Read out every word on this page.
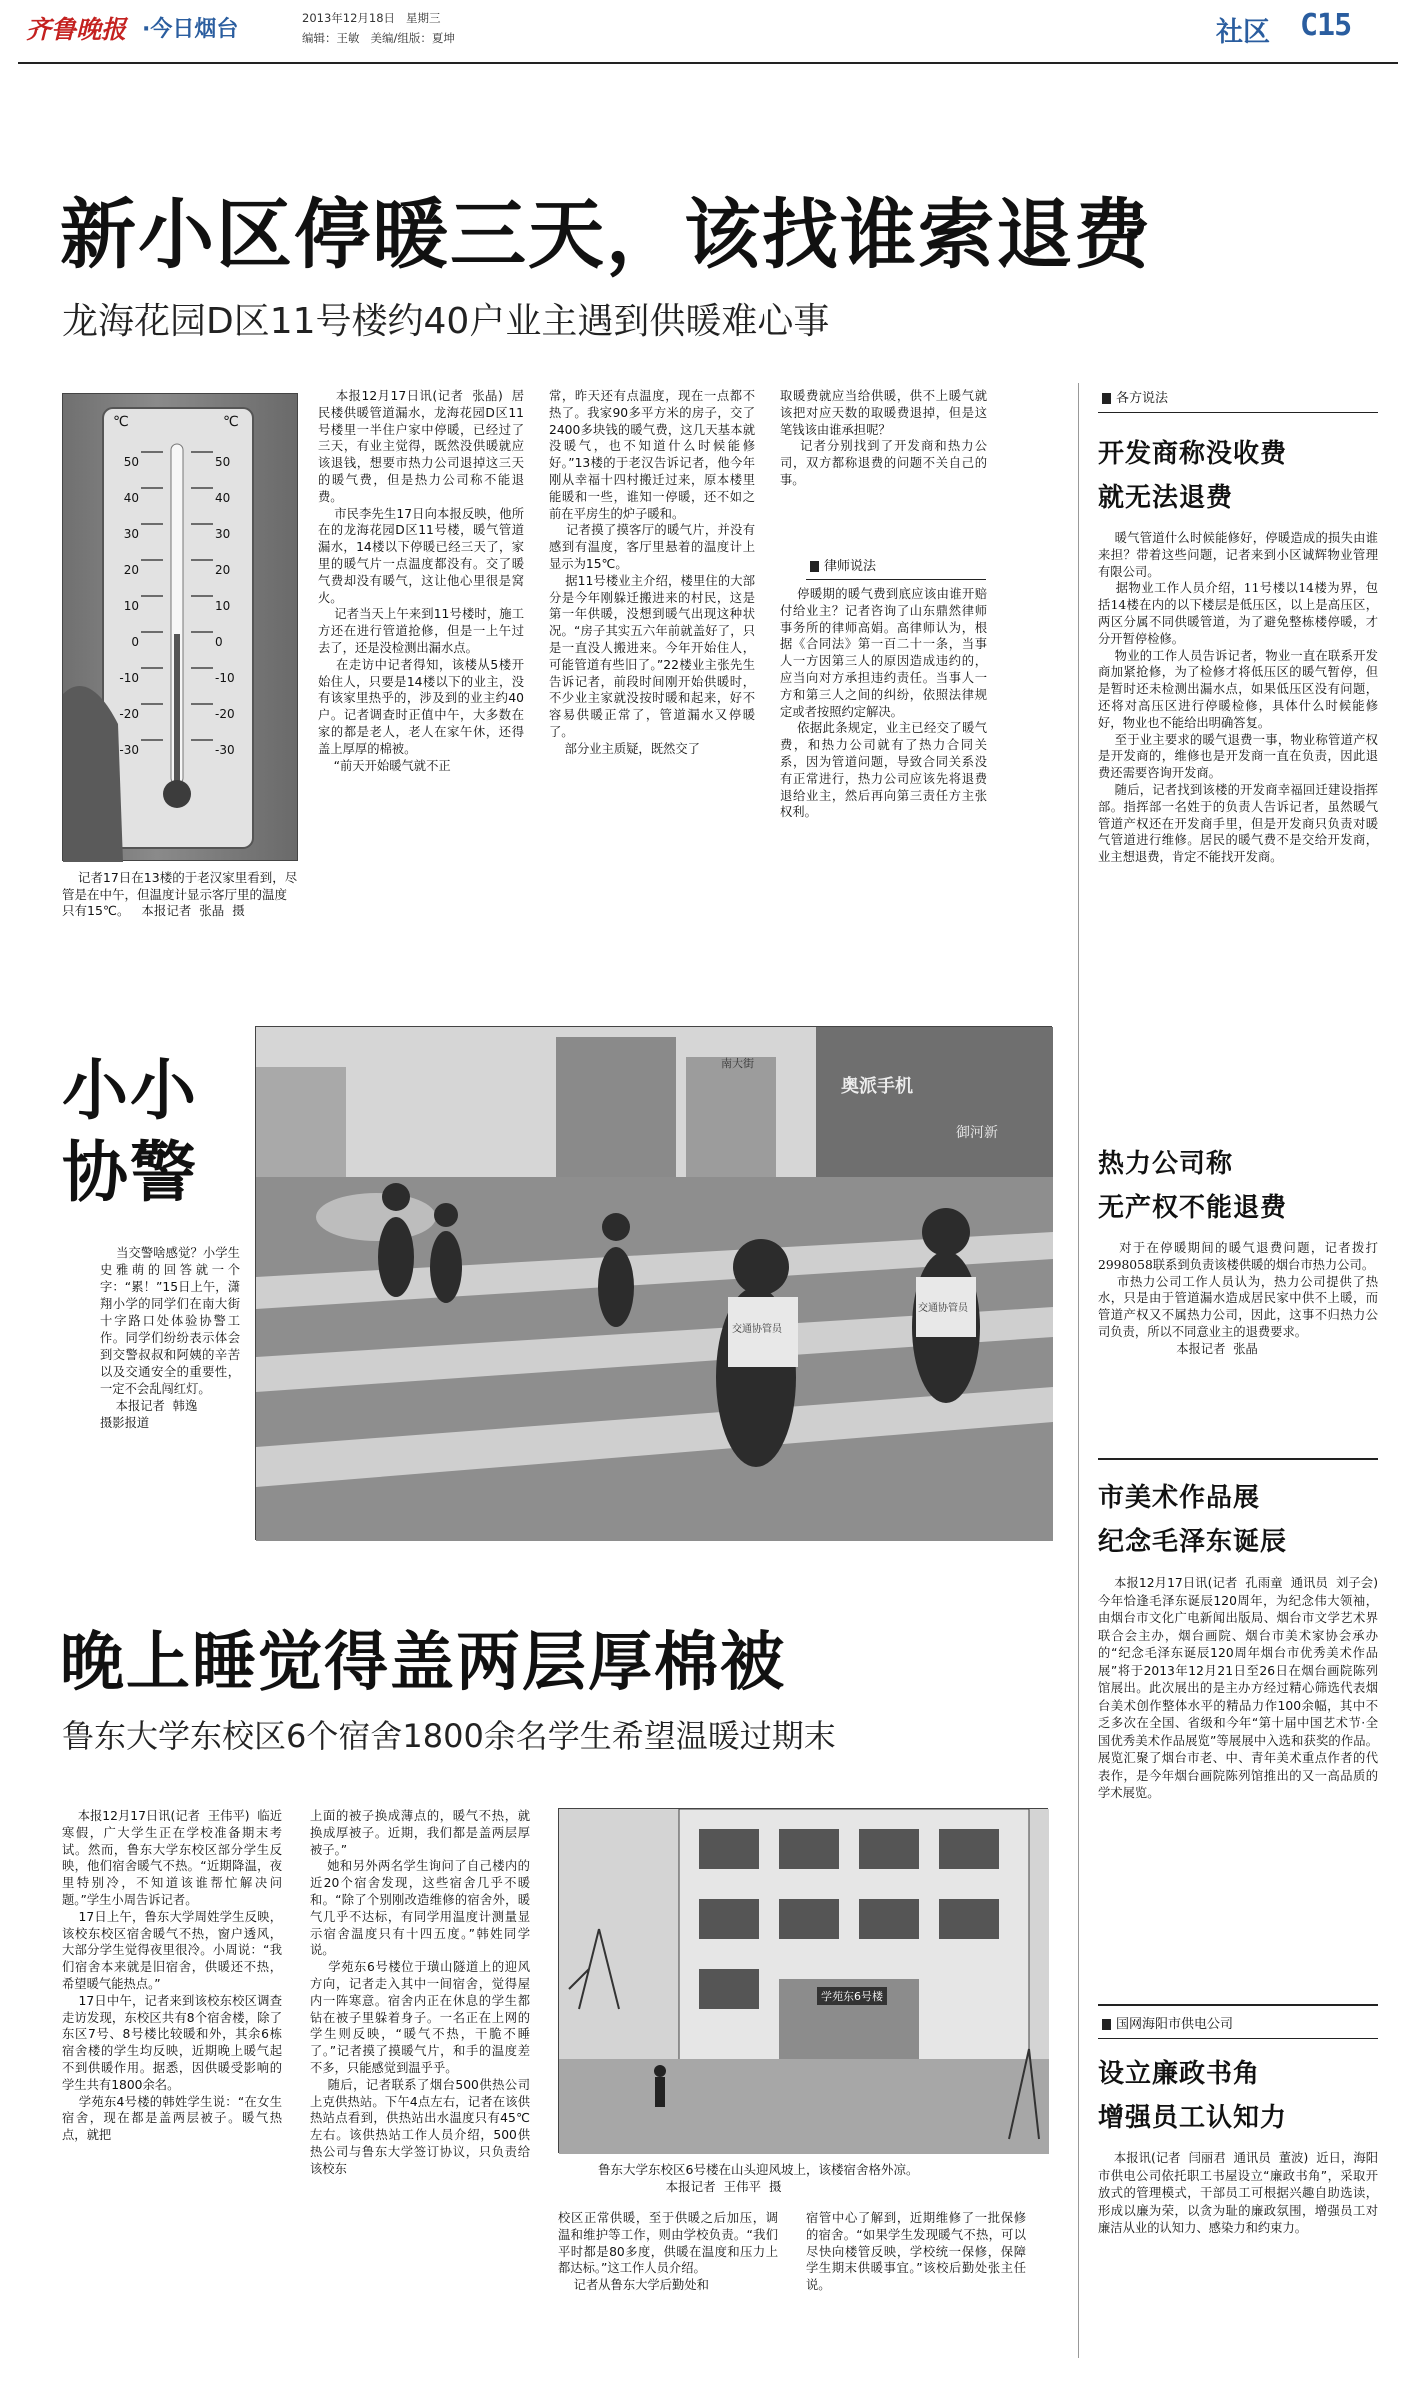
齐鲁晚报 ·今日烟台	2013年12月18日   星期三
编辑：王敏   美编/组版：夏坤	社区 C15
新小区停暖三天，该找谁索退费
龙海花园D区11号楼约40户业主遇到供暖难心事
℃	℃
50
40
30
20
10
0
-10
-20
-30
50
40
30
20
10
0
-10
-20
-30
记者17日在13楼的于老汉家里看到，尽管是在中午，但温度计显示客厅里的温度只有15℃。   本报记者  张晶  摄
本报12月17日讯(记者  张晶)  居民楼供暖管道漏水，龙海花园D区11号楼里一半住户家中停暖，已经过了三天，有业主觉得，既然没供暖就应该退钱，想要市热力公司退掉这三天的暖气费，但是热力公司称不能退费。
市民李先生17日向本报反映，他所在的龙海花园D区11号楼，暖气管道漏水，14楼以下停暖已经三天了，家里的暖气片一点温度都没有。交了暖气费却没有暖气，这让他心里很是窝火。
记者当天上午来到11号楼时，施工方还在进行管道抢修，但是一上午过去了，还是没检测出漏水点。
在走访中记者得知，该楼从5楼开始住人，只要是14楼以下的业主，没有该家里热乎的，涉及到的业主约40户。记者调查时正值中午，大多数在家的都是老人，老人在家午休，还得盖上厚厚的棉被。
“前天开始暖气就不正
常，昨天还有点温度，现在一点都不热了。我家90多平方米的房子，交了2400多块钱的暖气费，这几天基本就没暖气，也不知道什么时候能修好。”13楼的于老汉告诉记者，他今年刚从幸福十四村搬迁过来，原本楼里能暖和一些，谁知一停暖，还不如之前在平房生的炉子暖和。
记者摸了摸客厅的暖气片，并没有感到有温度，客厅里悬着的温度计上显示为15℃。
据11号楼业主介绍，楼里住的大部分是今年刚躲迁搬进来的村民，这是第一年供暖，没想到暖气出现这种状况。“房子其实五六年前就盖好了，只是一直没人搬进来。今年开始住人，可能管道有些旧了。”22楼业主张先生告诉记者，前段时间刚开始供暖时，不少业主家就没按时暖和起来，好不容易供暖正常了，管道漏水又停暖了。
部分业主质疑，既然交了
取暖费就应当给供暖，供不上暖气就该把对应天数的取暖费退掉，但是这笔钱该由谁承担呢？
记者分别找到了开发商和热力公司，双方都称退费的问题不关自己的事。
律师说法
停暖期的暖气费到底应该由谁开赔付给业主？记者咨询了山东鼎然律师事务所的律师高娟。高律师认为，根据《合同法》第一百二十一条，当事人一方因第三人的原因造成违约的，应当向对方承担违约责任。当事人一方和第三人之间的纠纷，依照法律规定或者按照约定解决。
依据此条规定，业主已经交了暖气费，和热力公司就有了热力合同关系，因为管道问题，导致合同关系没有正常进行，热力公司应该先将退费退给业主，然后再向第三责任方主张权利。
各方说法
开发商称没收费
就无法退费
暖气管道什么时候能修好，停暖造成的损失由谁来担？带着这些问题，记者来到小区诚辉物业管理有限公司。
据物业工作人员介绍，11号楼以14楼为界，包括14楼在内的以下楼层是低压区，以上是高压区，两区分属不同供暖管道，为了避免整栋楼停暖，才分开暂停检修。
物业的工作人员告诉记者，物业一直在联系开发商加紧抢修，为了检修才将低压区的暖气暂停，但是暂时还未检测出漏水点，如果低压区没有问题，还将对高压区进行停暖检修，具体什么时候能修好，物业也不能给出明确答复。
至于业主要求的暖气退费一事，物业称管道产权是开发商的，维修也是开发商一直在负责，因此退费还需要咨询开发商。
随后，记者找到该楼的开发商幸福回迁建设指挥部。指挥部一名姓于的负责人告诉记者，虽然暖气管道产权还在开发商手里，但是开发商只负责对暖气管道进行维修。居民的暖气费不是交给开发商，业主想退费，肯定不能找开发商。
热力公司称
无产权不能退费
对于在停暖期间的暖气退费问题，记者拨打2998058联系到负责该楼供暖的烟台市热力公司。
市热力公司工作人员认为，热力公司提供了热水，只是由于管道漏水造成居民家中供不上暖，而管道产权又不属热力公司，因此，这事不归热力公司负责，所以不同意业主的退费要求。
本报记者  张晶
小小
协警
当交警啥感觉？小学生史雅萌的回答就一个字：“累！”15日上午，潇翔小学的同学们在南大街十字路口处体验协警工作。同学们纷纷表示体会到交警叔叔和阿姨的辛苦以及交通安全的重要性，一定不会乱闯红灯。
本报记者  韩逸
摄影报道
交通协管员
交通协管员
奥派手机
御河新
南大街
晚上睡觉得盖两层厚棉被
鲁东大学东校区6个宿舍1800余名学生希望温暖过期末
本报12月17日讯(记者  王伟平)  临近寒假，广大学生正在学校准备期末考试。然而，鲁东大学东校区部分学生反映，他们宿舍暖气不热。“近期降温，夜里特别冷，不知道该谁帮忙解决问题。”学生小周告诉记者。
17日上午，鲁东大学周姓学生反映，该校东校区宿舍暖气不热，窗户透风，大部分学生觉得夜里很冷。小周说：“我们宿舍本来就是旧宿舍，供暖还不热，希望暖气能热点。”
17日中午，记者来到该校东校区调查走访发现，东校区共有8个宿舍楼，除了东区7号、8号楼比较暖和外，其余6栋宿舍楼的学生均反映，近期晚上暖气起不到供暖作用。据悉，因供暖受影响的学生共有1800余名。
学苑东4号楼的韩姓学生说：“在女生宿舍，现在都是盖两层被子。暖气热点，就把
上面的被子换成薄点的，暖气不热，就换成厚被子。近期，我们都是盖两层厚被子。”
她和另外两名学生询问了自己楼内的近20个宿舍发现，这些宿舍几乎不暖和。“除了个别刚改造维修的宿舍外，暖气几乎不达标，有同学用温度计测量显示宿舍温度只有十四五度。”韩姓同学说。
学苑东6号楼位于璜山隧道上的迎风方向，记者走入其中一间宿舍，觉得屋内一阵寒意。宿舍内正在休息的学生都钻在被子里躲着身子。一名正在上网的学生则反映，“暖气不热，干脆不睡了。”记者摸了摸暖气片，和手的温度差不多，只能感觉到温乎乎。
随后，记者联系了烟台500供热公司上克供热站。下午4点左右，记者在该供热站点看到，供热站出水温度只有45℃左右。该供热站工作人员介绍，500供热公司与鲁东大学签订协议，只负责给该校东
学苑东6号楼
鲁东大学东校区6号楼在山头迎风坡上，该楼宿舍格外凉。
本报记者  王伟平  摄
校区正常供暖，至于供暖之后加压，调温和维护等工作，则由学校负责。“我们平时都是80多度，供暖在温度和压力上都达标。”这工作人员介绍。
记者从鲁东大学后勤处和
宿管中心了解到，近期维修了一批保修的宿舍。“如果学生发现暖气不热，可以尽快向楼管反映，学校统一保修，保障学生期末供暖事宜。”该校后勤处张主任说。
市美术作品展
纪念毛泽东诞辰
本报12月17日讯(记者  孔雨童  通讯员  刘子会)  今年恰逢毛泽东诞辰120周年，为纪念伟大领袖，由烟台市文化广电新闻出版局、烟台市文学艺术界联合会主办，烟台画院、烟台市美术家协会承办的“纪念毛泽东诞辰120周年烟台市优秀美术作品展”将于2013年12月21日至26日在烟台画院陈列馆展出。此次展出的是主办方经过精心筛选代表烟台美术创作整体水平的精品力作100余幅，其中不乏多次在全国、省级和今年“第十届中国艺术节·全国优秀美术作品展览”等展展中入选和获奖的作品。展览汇聚了烟台市老、中、青年美术重点作者的代表作，是今年烟台画院陈列馆推出的又一高品质的学术展览。
国网海阳市供电公司
设立廉政书角
增强员工认知力
本报讯(记者  闫丽君  通讯员  董波)  近日，海阳市供电公司依托职工书屋设立“廉政书角”，采取开放式的管理模式，干部员工可根据兴趣自助选读，形成以廉为荣，以贪为耻的廉政氛围，增强员工对廉洁从业的认知力、感染力和约束力。
